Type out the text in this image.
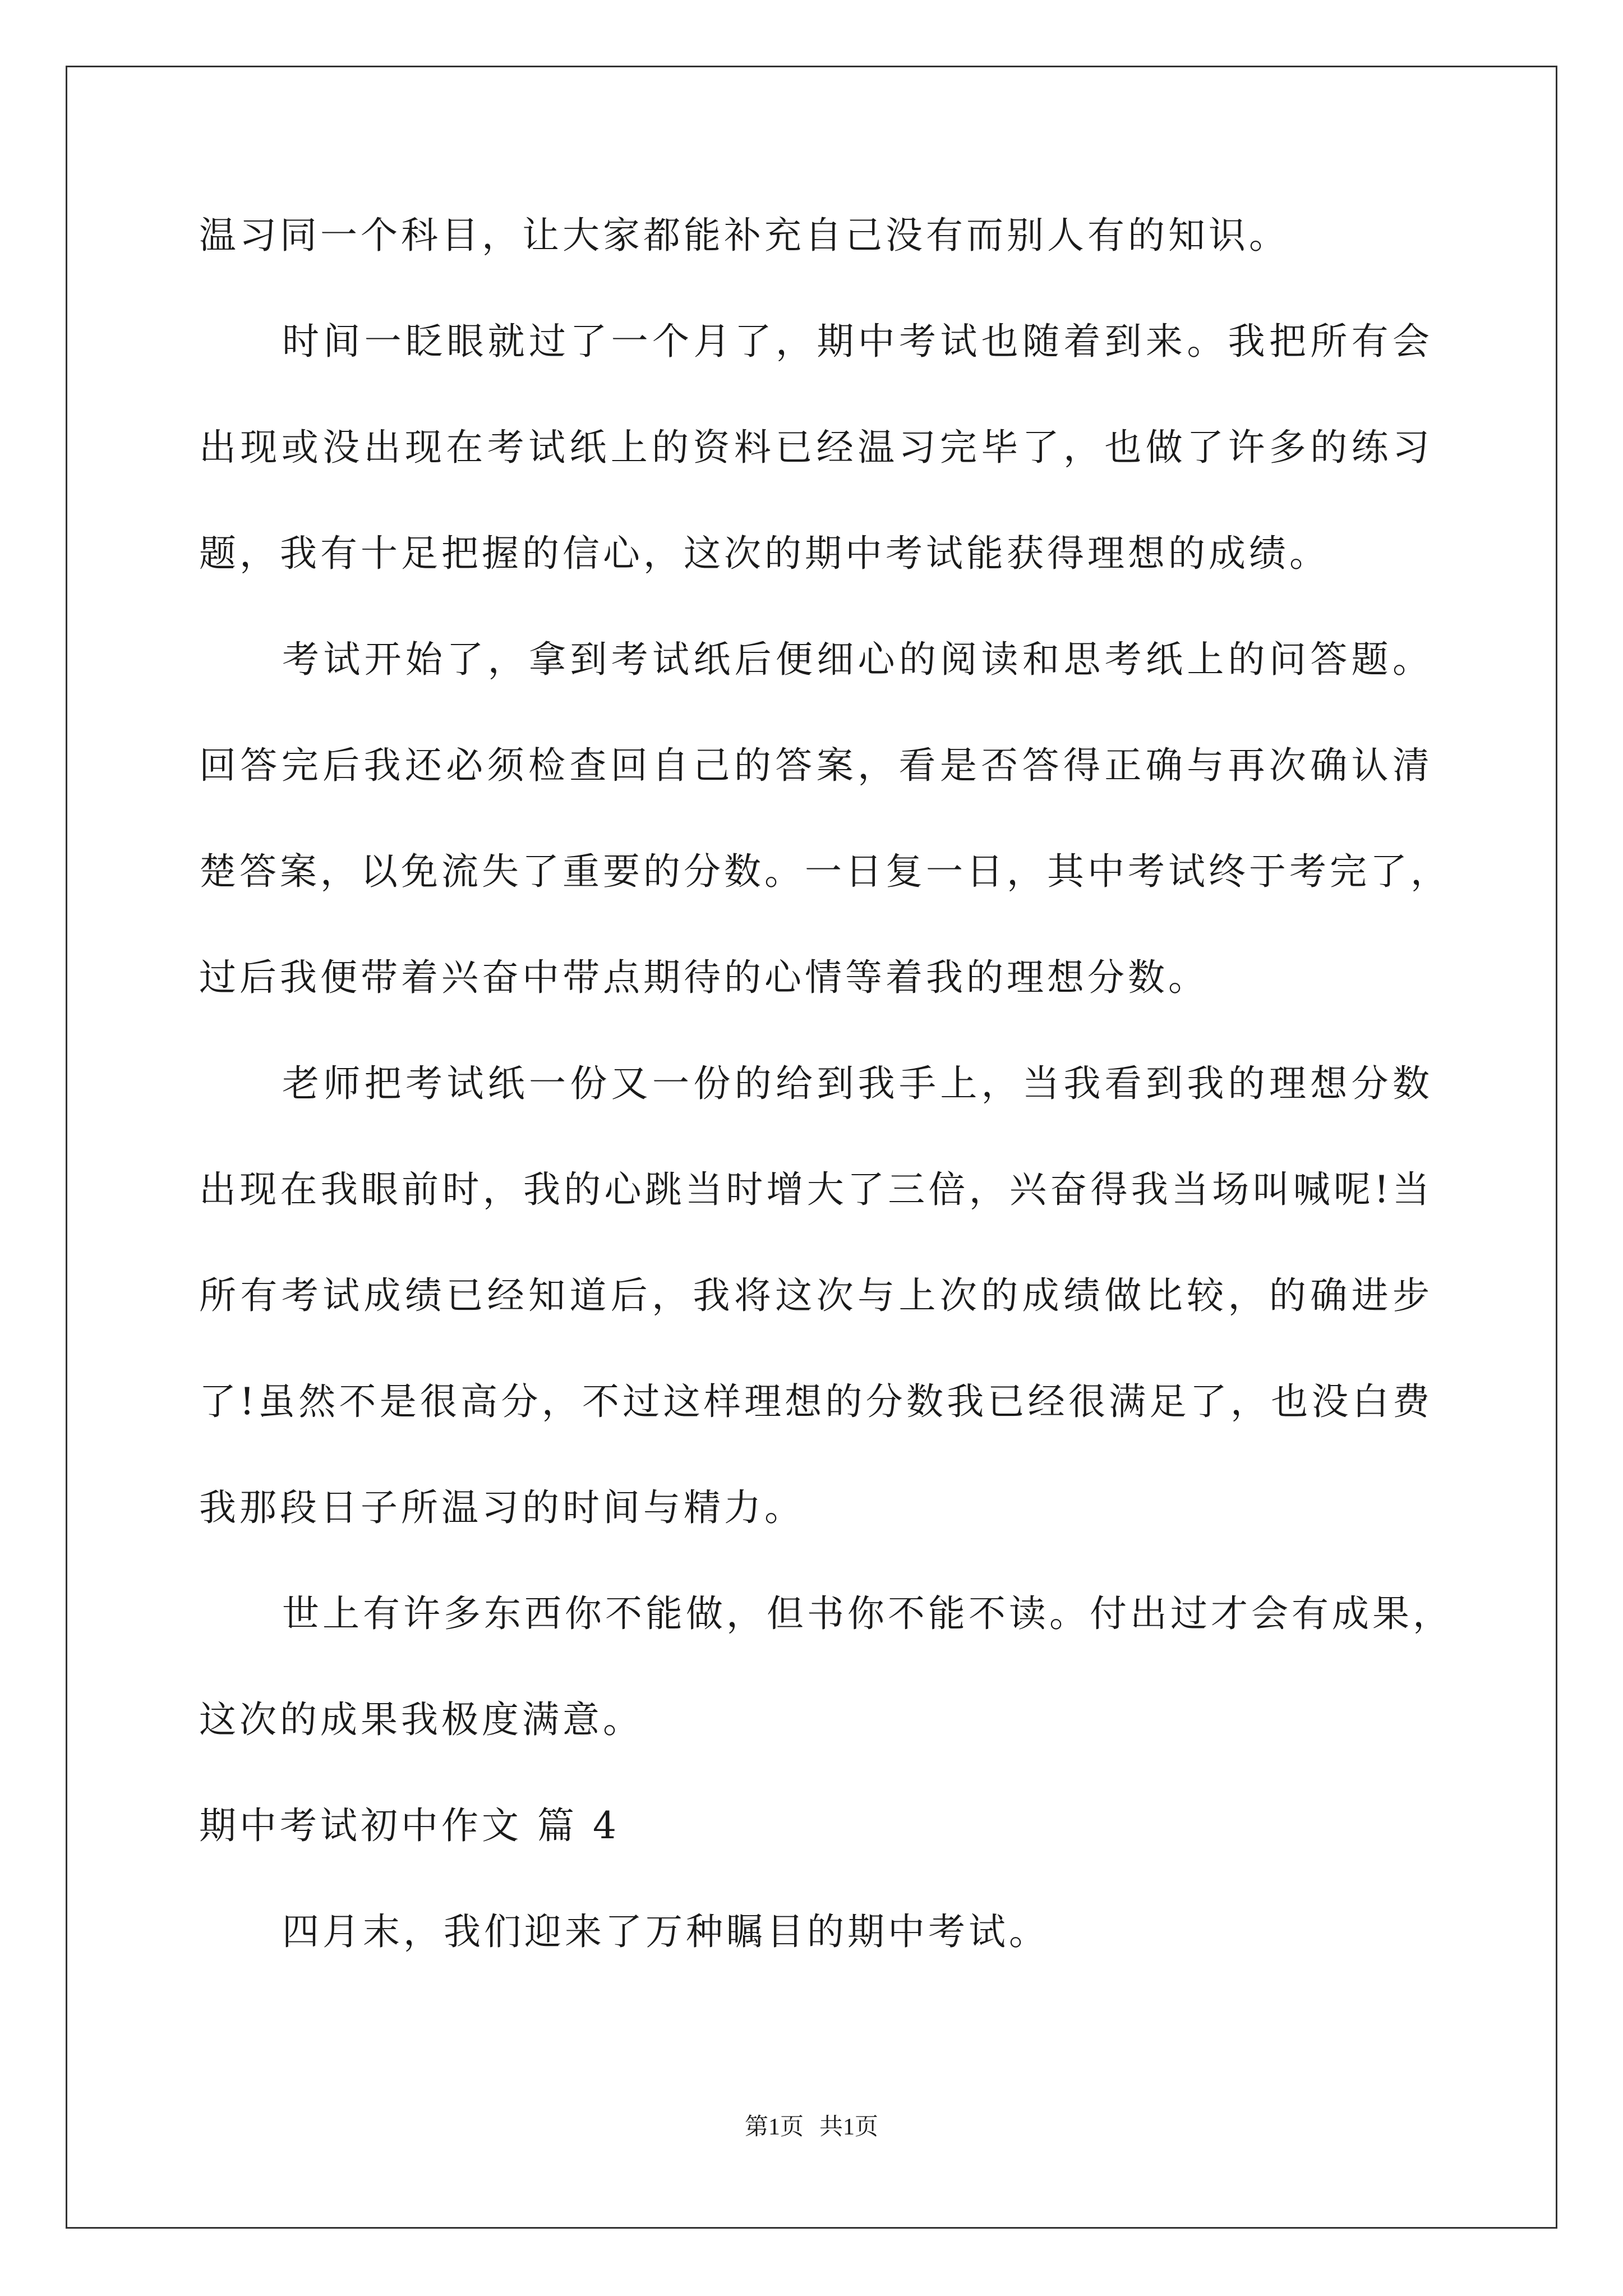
温习同一个科目，让大家都能补充自己没有而别人有的知识。
时间一眨眼就过了一个月了，期中考试也随着到来。我把所有会
出现或没出现在考试纸上的资料已经温习完毕了，也做了许多的练习
题，我有十足把握的信心，这次的期中考试能获得理想的成绩。
考试开始了，拿到考试纸后便细心的阅读和思考纸上的问答题。
回答完后我还必须检查回自己的答案，看是否答得正确与再次确认清
楚答案，以免流失了重要的分数。一日复一日，其中考试终于考完了，
过后我便带着兴奋中带点期待的心情等着我的理想分数。
老师把考试纸一份又一份的给到我手上，当我看到我的理想分数
出现在我眼前时，我的心跳当时增大了三倍，兴奋得我当场叫喊呢!当
所有考试成绩已经知道后，我将这次与上次的成绩做比较，的确进步
了!虽然不是很高分，不过这样理想的分数我已经很满足了，也没白费
我那段日子所温习的时间与精力。
世上有许多东西你不能做，但书你不能不读。付出过才会有成果，
这次的成果我极度满意。
期中考试初中作文 篇 4
四月末，我们迎来了万种瞩目的期中考试。
第1页 共1页
